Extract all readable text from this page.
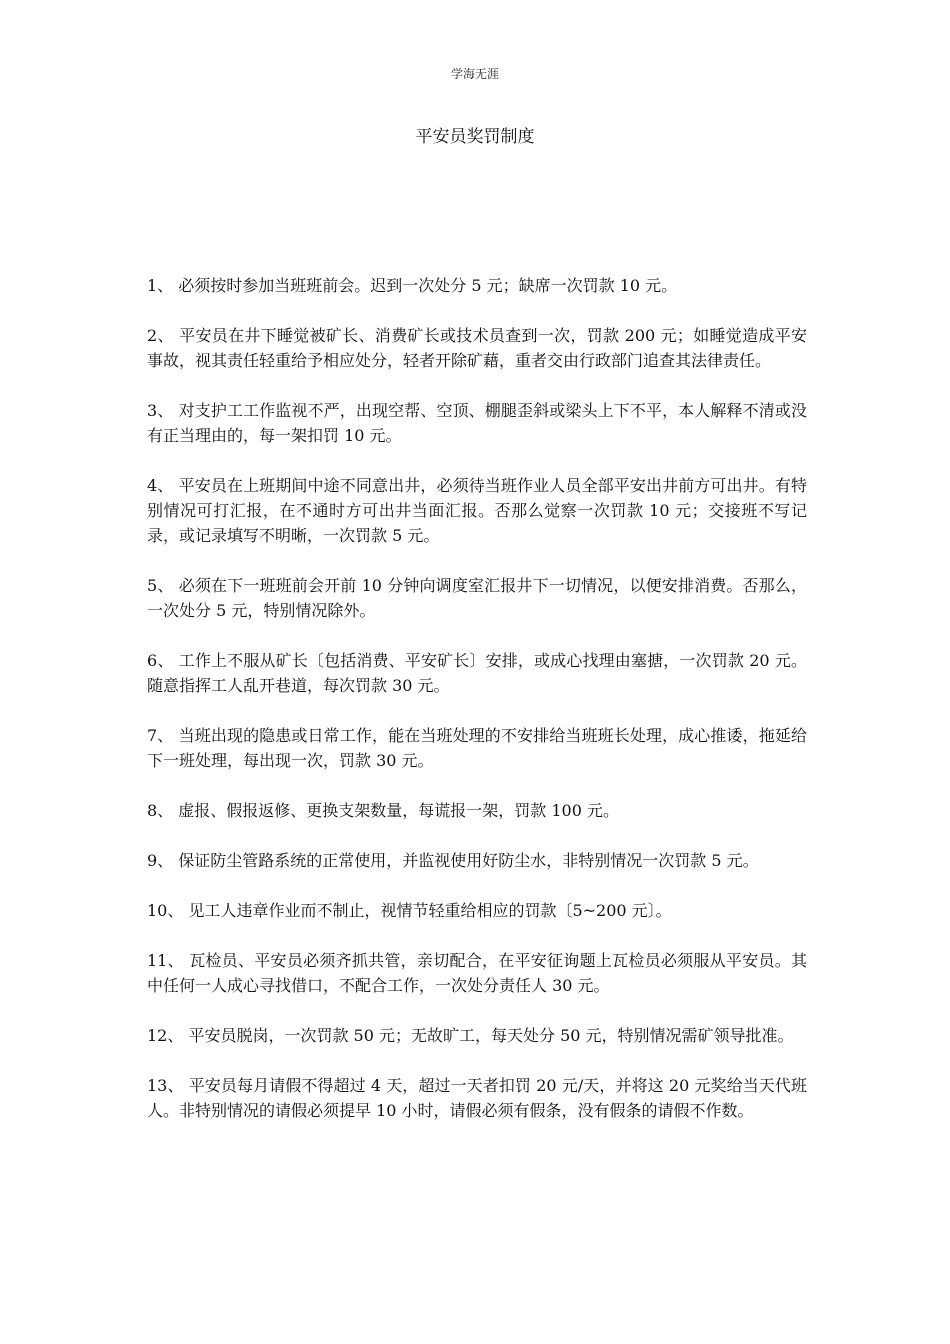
学海无涯
平安员奖罚制度

1、 必须按时参加当班班前会。迟到一次处分 5 元；缺席一次罚款 10 元。

2、 平安员在井下睡觉被矿长、消费矿长或技术员查到一次，罚款 200 元；如睡觉造成平安事故，视其责任轻重给予相应处分，轻者开除矿藉，重者交由行政部门追查其法律责任。

3、 对支护工工作监视不严，出现空帮、空顶、棚腿歪斜或梁头上下不平，本人解释不清或没有正当理由的，每一架扣罚 10 元。

4、 平安员在上班期间中途不同意出井，必须待当班作业人员全部平安出井前方可出井。有特别情况可打汇报，在不通时方可出井当面汇报。否那么觉察一次罚款 10 元；交接班不写记录，或记录填写不明晰，一次罚款 5 元。

5、 必须在下一班班前会开前 10 分钟向调度室汇报井下一切情况，以便安排消费。否那么，一次处分 5 元，特别情况除外。

6、 工作上不服从矿长〔包括消费、平安矿长〕安排，或成心找理由塞搪，一次罚款 20 元。随意指挥工人乱开巷道，每次罚款 30 元。

7、 当班出现的隐患或日常工作，能在当班处理的不安排给当班班长处理，成心推诿，拖延给下一班处理，每出现一次，罚款 30 元。

8、 虚报、假报返修、更换支架数量，每谎报一架，罚款 100 元。

9、 保证防尘管路系统的正常使用，并监视使用好防尘水，非特别情况一次罚款 5 元。

10、 见工人违章作业而不制止，视情节轻重给相应的罚款〔5~200 元〕。

11、 瓦检员、平安员必须齐抓共管，亲切配合，在平安征询题上瓦检员必须服从平安员。其中任何一人成心寻找借口，不配合工作，一次处分责任人 30 元。

12、 平安员脱岗，一次罚款 50 元；无故旷工，每天处分 50 元，特别情况需矿领导批准。

13、 平安员每月请假不得超过 4 天，超过一天者扣罚 20 元/天，并将这 20 元奖给当天代班人。非特别情况的请假必须提早 10 小时，请假必须有假条，没有假条的请假不作数。
